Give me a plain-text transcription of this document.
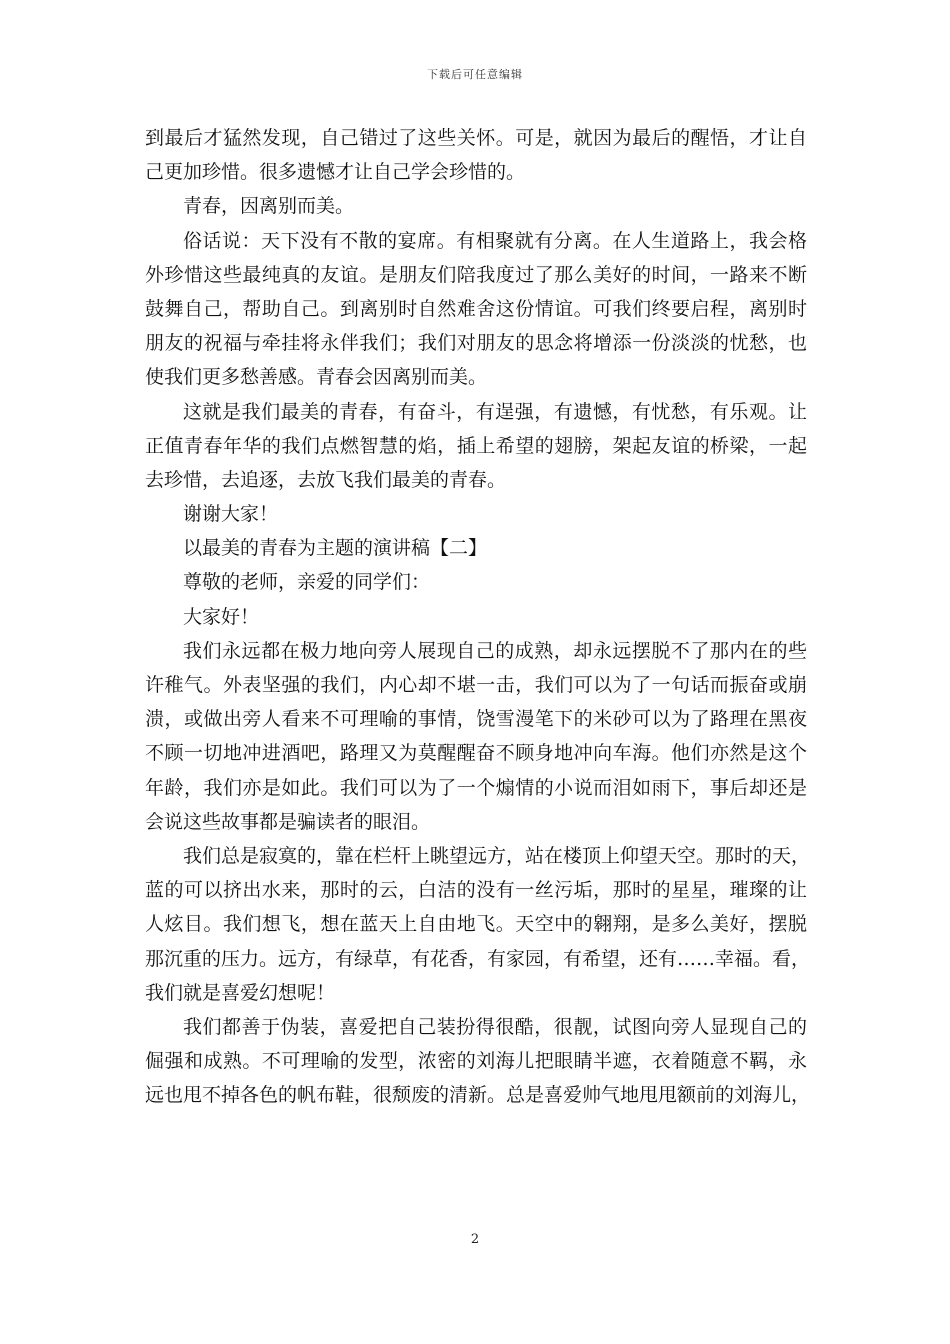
下载后可任意编辑
到最后才猛然发现，自己错过了这些关怀。可是，就因为最后的醒悟，才让自
己更加珍惜。很多遗憾才让自己学会珍惜的。
青春，因离别而美。
俗话说：天下没有不散的宴席。有相聚就有分离。在人生道路上，我会格
外珍惜这些最纯真的友谊。是朋友们陪我度过了那么美好的时间，一路来不断
鼓舞自己，帮助自己。到离别时自然难舍这份情谊。可我们终要启程，离别时
朋友的祝福与牵挂将永伴我们；我们对朋友的思念将增添一份淡淡的忧愁，也
使我们更多愁善感。青春会因离别而美。
这就是我们最美的青春，有奋斗，有逞强，有遗憾，有忧愁，有乐观。让
正值青春年华的我们点燃智慧的焰，插上希望的翅膀，架起友谊的桥梁，一起
去珍惜，去追逐，去放飞我们最美的青春。
谢谢大家！
以最美的青春为主题的演讲稿【二】
尊敬的老师，亲爱的同学们：
大家好！
我们永远都在极力地向旁人展现自己的成熟，却永远摆脱不了那内在的些
许稚气。外表坚强的我们，内心却不堪一击，我们可以为了一句话而振奋或崩
溃，或做出旁人看来不可理喻的事情，饶雪漫笔下的米砂可以为了路理在黑夜
不顾一切地冲进酒吧，路理又为莫醒醒奋不顾身地冲向车海。他们亦然是这个
年龄，我们亦是如此。我们可以为了一个煽情的小说而泪如雨下，事后却还是
会说这些故事都是骗读者的眼泪。
我们总是寂寞的，靠在栏杆上眺望远方，站在楼顶上仰望天空。那时的天，
蓝的可以挤出水来，那时的云，白洁的没有一丝污垢，那时的星星，璀璨的让
人炫目。我们想飞，想在蓝天上自由地飞。天空中的翱翔，是多么美好，摆脱
那沉重的压力。远方，有绿草，有花香，有家园，有希望，还有……幸福。看，
我们就是喜爱幻想呢！
我们都善于伪装，喜爱把自己装扮得很酷，很靓，试图向旁人显现自己的
倔强和成熟。不可理喻的发型，浓密的刘海儿把眼睛半遮，衣着随意不羁，永
远也甩不掉各色的帆布鞋，很颓废的清新。总是喜爱帅气地甩甩额前的刘海儿，
2
